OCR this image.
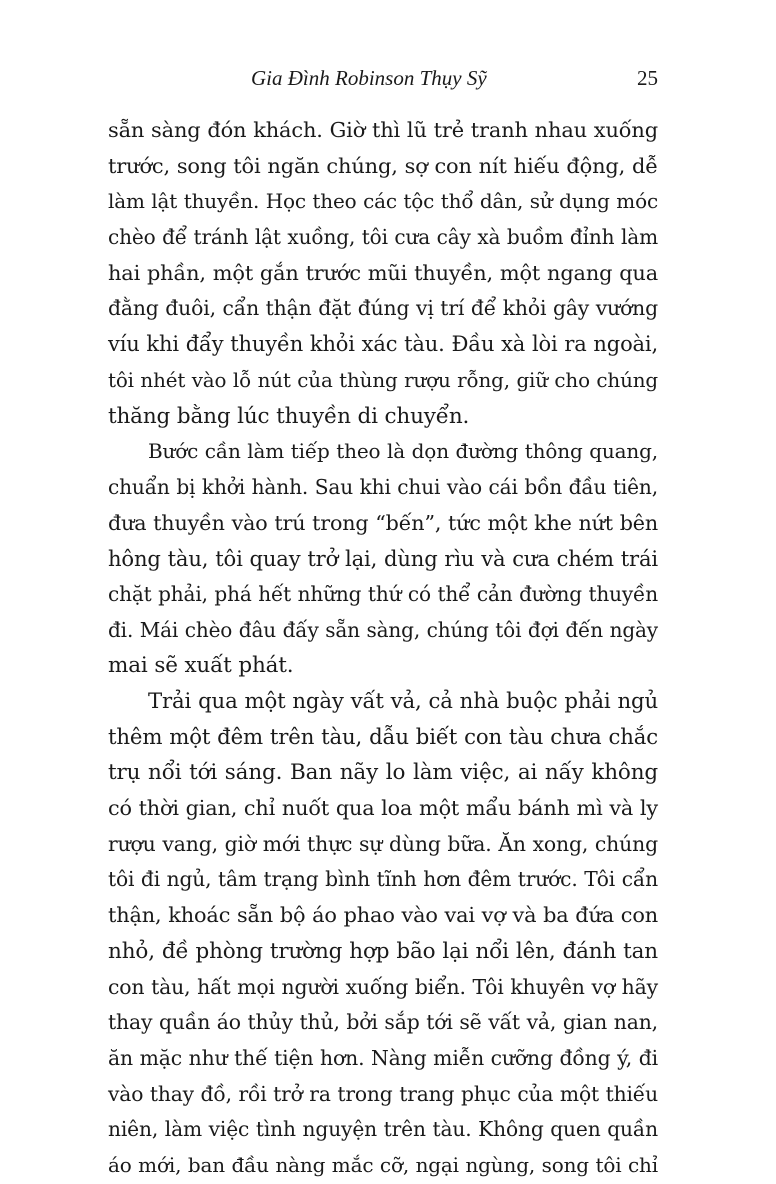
Gia Đình Robinson Thụy Sỹ	25
sẵn sàng đón khách. Giờ thì lũ trẻ tranh nhau xuống
trước, song tôi ngăn chúng, sợ con nít hiếu động, dễ
làm lật thuyền. Học theo các tộc thổ dân, sử dụng móc
chèo để tránh lật xuồng, tôi cưa cây xà buồm đỉnh làm
hai phần, một gắn trước mũi thuyền, một ngang qua
đằng đuôi, cẩn thận đặt đúng vị trí để khỏi gây vướng
víu khi đẩy thuyền khỏi xác tàu. Đầu xà lòi ra ngoài,
tôi nhét vào lỗ nút của thùng rượu rỗng, giữ cho chúng
thăng bằng lúc thuyền di chuyển.
Bước cần làm tiếp theo là dọn đường thông quang,
chuẩn bị khởi hành. Sau khi chui vào cái bồn đầu tiên,
đưa thuyền vào trú trong “bến”, tức một khe nứt bên
hông tàu, tôi quay trở lại, dùng rìu và cưa chém trái
chặt phải, phá hết những thứ có thể cản đường thuyền
đi. Mái chèo đâu đấy sẵn sàng, chúng tôi đợi đến ngày
mai sẽ xuất phát.
Trải qua một ngày vất vả, cả nhà buộc phải ngủ
thêm một đêm trên tàu, dẫu biết con tàu chưa chắc
trụ nổi tới sáng. Ban nãy lo làm việc, ai nấy không
có thời gian, chỉ nuốt qua loa một mẩu bánh mì và ly
rượu vang, giờ mới thực sự dùng bữa. Ăn xong, chúng
tôi đi ngủ, tâm trạng bình tĩnh hơn đêm trước. Tôi cẩn
thận, khoác sẵn bộ áo phao vào vai vợ và ba đứa con
nhỏ, đề phòng trường hợp bão lại nổi lên, đánh tan
con tàu, hất mọi người xuống biển. Tôi khuyên vợ hãy
thay quần áo thủy thủ, bởi sắp tới sẽ vất vả, gian nan,
ăn mặc như thế tiện hơn. Nàng miễn cưỡng đồng ý, đi
vào thay đồ, rồi trở ra trong trang phục của một thiếu
niên, làm việc tình nguyện trên tàu. Không quen quần
áo mới, ban đầu nàng mắc cỡ, ngại ngùng, song tôi chỉ
